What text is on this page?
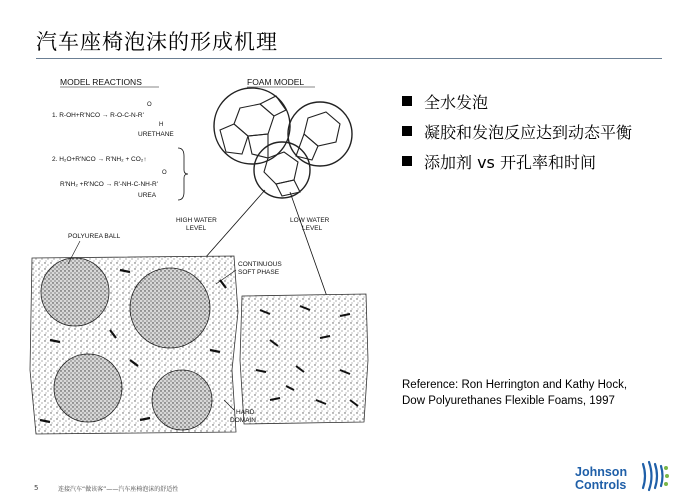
汽车座椅泡沫的形成机理
MODEL REACTIONS	FOAM MODEL
O
1. R-OH+R'NCO → R-O-C-N-R'
H
URETHANE
2. H₂O+R'NCO → R'NH₂ + CO₂↑
O
R'NH₂ +R'NCO → R'-NH-C-NH-R'
UREA
HIGH WATER
LEVEL
LOW WATER
LEVEL
POLYUREA BALL
CONTINUOUS
SOFT PHASE
HARD
DOMAIN
全水发泡
凝胶和发泡反应达到动态平衡
添加剂 vs 开孔率和时间
Reference: Ron Herrington and Kathy Hock,
Dow Polyurethanes Flexible Foams, 1997
5	连接汽车“做该客”——汽车座椅泡沫的舒适性
Johnson
Controls
